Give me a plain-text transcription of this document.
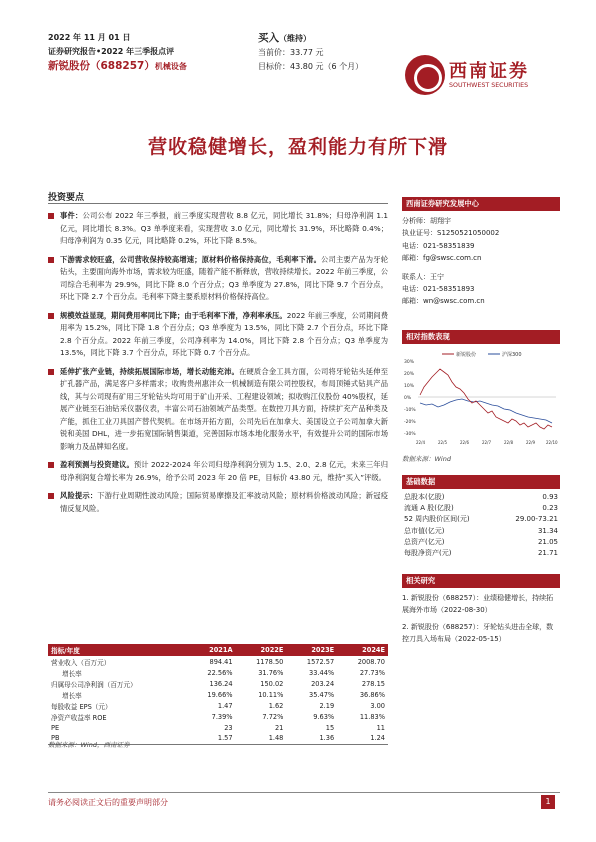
2022 年 11 月 01 日
证券研究报告•2022 年三季报点评
新锐股份（688257）机械设备
买入（维持）
当前价：33.77 元
目标价：43.80 元（6 个月）	西南证券
SOUTHWEST SECURITIES
营收稳健增长，盈利能力有所下滑
投资要点
事件：公司公布 2022 年三季报，前三季度实现营收 8.8 亿元，同比增长 31.8%；归母净利润 1.1 亿元，同比增长 8.3%。Q3 单季度来看，实现营收 3.0 亿元，同比增长 31.9%，环比略降 0.4%；归母净利润为 0.35 亿元，同比略降 0.2%，环比下降 8.5%。
下游需求较旺盛，公司营收保持较高增速；原材料价格保持高位，毛利率下滑。公司主要产品为牙轮钻头，主要面向海外市场，需求较为旺盛，随着产能不断释放，营收持续增长。2022 年前三季度，公司综合毛利率为 29.9%，同比下降 8.0 个百分点；Q3 单季度为 27.8%，同比下降 9.7 个百分点，环比下降 2.7 个百分点。毛利率下降主要系原材料价格保持高位。
规模效益显现，期间费用率同比下降；由于毛利率下滑，净利率承压。2022 年前三季度，公司期间费用率为 15.2%，同比下降 1.8 个百分点；Q3 单季度为 13.5%，同比下降 2.7 个百分点，环比下降 2.8 个百分点。2022 年前三季度，公司净利率为 14.0%，同比下降 2.8 个百分点；Q3 单季度为 13.5%，同比下降 3.7 个百分点，环比下降 0.7 个百分点。
延伸扩张产业链，持续拓展国际市场，增长动能充沛。在硬质合金工具方面，公司将牙轮钻头延伸至扩孔器产品，满足客户多样需求；收购贵州惠沣众一机械制造有限公司控股权，布局顶锤式钻具产品线，其与公司现有矿用三牙轮钻头均可用于矿山开采、工程建设领域；拟收购江仪股份 40%股权，延展产业链至石油钻采仪器仪表，丰富公司石油领域产品类型。在数控刀具方面，持续扩充产品种类及产能，抓住工业刀具国产替代契机。在市场开拓方面，公司先后在加拿大、美国设立子公司加拿大新锐和美国 DHL，进一步拓宽国际销售渠道，完善国际市场本地化服务水平，有效提升公司的国际市场影响力及品牌知名度。
盈利预测与投资建议。预计 2022-2024 年公司归母净利润分别为 1.5、2.0、2.8 亿元，未来三年归母净利润复合增长率为 26.9%，给予公司 2023 年 20 倍 PE，目标价 43.80 元，维持“买入”评级。
风险提示：下游行业周期性波动风险；国际贸易摩擦及汇率波动风险；原材料价格波动风险；新冠疫情反复风险。
指标/年度	2021A	2022E	2023E	2024E
营业收入（百万元）	894.41	1178.50	1572.57	2008.70
增长率	22.56%	31.76%	33.44%	27.73%
归属母公司净利润（百万元）	136.24	150.02	203.24	278.15
增长率	19.66%	10.11%	35.47%	36.86%
每股收益 EPS（元）	1.47	1.62	2.19	3.00
净资产收益率 ROE	7.39%	7.72%	9.63%	11.83%
PE	23	21	15	11
PB	1.57	1.48	1.36	1.24
数据来源：Wind，西南证券
西南证券研究发展中心
分析师：胡翔宇
执业证号：S1250521050002
电话：021-58351839
邮箱：fg@swsc.com.cn
联系人：王宁
电话：021-58351893
邮箱：wn@swsc.com.cn
相对指数表现
新锐股份	沪深300
30%
20%
10%
0%
-10%
-20%
-30%
22/4	22/5	22/6	22/7	22/8	22/9	22/10
数据来源：Wind
基础数据
总股本(亿股)	0.93
流通 A 股(亿股)	0.23
52 周内股价区间(元)	29.00-73.21
总市值(亿元)	31.34
总资产(亿元)	21.05
每股净资产(元)	21.71
相关研究
1. 新锐股份（688257）：业绩稳健增长，持续拓展海外市场（2022-08-30）
2. 新锐股份（688257）：牙轮钻头进击全球，数控刀具入场布局（2022-05-15）
请务必阅读正文后的重要声明部分	1
